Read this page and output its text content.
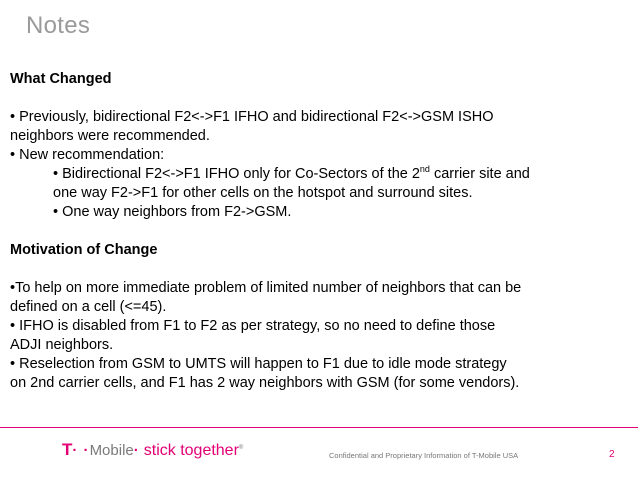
Notes
What Changed
• Previously, bidirectional F2<->F1 IFHO and bidirectional F2<->GSM ISHO
neighbors were recommended.
• New recommendation:
• Bidirectional F2<->F1 IFHO only for Co-Sectors of the 2nd carrier site and
one way F2->F1 for other cells on the hotspot and surround sites.
• One way neighbors from F2->GSM.
Motivation of Change
•To help on more immediate problem of limited number of neighbors that can be
defined on a cell (<=45).
• IFHO is disabled from F1 to F2 as per strategy, so no need to define those
ADJI neighbors.
• Reselection from GSM to UMTS will happen to F1 due to idle mode strategy
on 2nd carrier cells, and F1 has 2 way neighbors with GSM (for some vendors).
T· ·Mobile· stick together®
Confidential and Proprietary Information of T-Mobile USA	2
